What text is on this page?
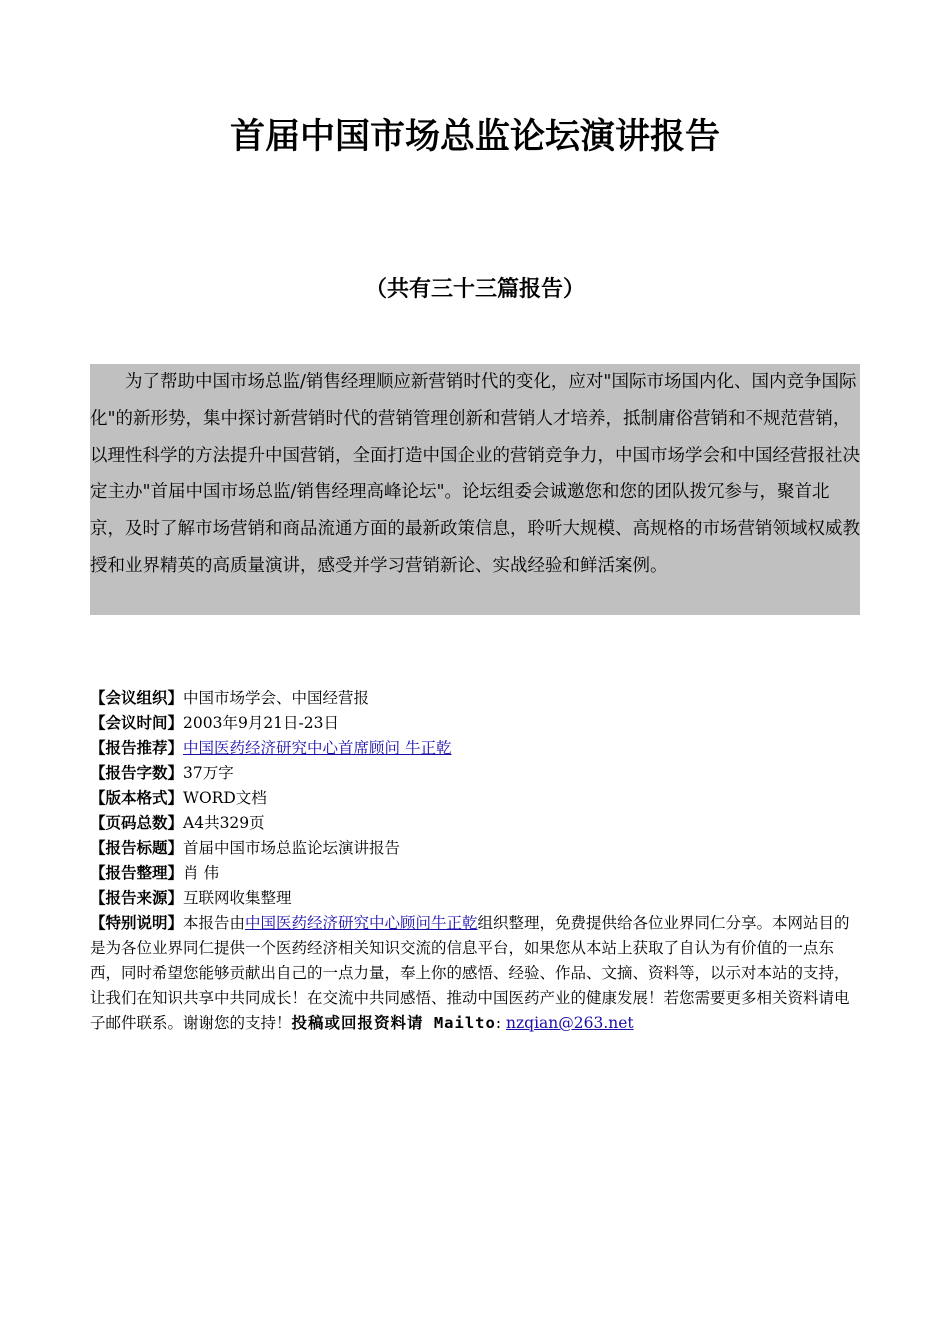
首届中国市场总监论坛演讲报告
（共有三十三篇报告）

为了帮助中国市场总监/销售经理顺应新营销时代的变化，应对"国际市场国内化、国内竞争国际化"的新形势，集中探讨新营销时代的营销管理创新和营销人才培养，抵制庸俗营销和不规范营销，以理性科学的方法提升中国营销，全面打造中国企业的营销竞争力，中国市场学会和中国经营报社决定主办"首届中国市场总监/销售经理高峰论坛"。论坛组委会诚邀您和您的团队拨冗参与，聚首北京，及时了解市场营销和商品流通方面的最新政策信息，聆听大规模、高规格的市场营销领域权威教授和业界精英的高质量演讲，感受并学习营销新论、实战经验和鲜活案例。

【会议组织】中国市场学会、中国经营报
【会议时间】2003年9月21日-23日
【报告推荐】中国医药经济研究中心首席顾问 牛正乾
【报告字数】37万字
【版本格式】WORD文档
【页码总数】A4共329页
【报告标题】首届中国市场总监论坛演讲报告
【报告整理】肖 伟
【报告来源】互联网收集整理
【特别说明】本报告由中国医药经济研究中心顾问牛正乾组织整理，免费提供给各位业界同仁分享。本网站目的是为各位业界同仁提供一个医药经济相关知识交流的信息平台，如果您从本站上获取了自认为有价值的一点东西，同时希望您能够贡献出自己的一点力量，奉上你的感悟、经验、作品、文摘、资料等，以示对本站的支持，让我们在知识共享中共同成长！在交流中共同感悟、推动中国医药产业的健康发展！若您需要更多相关资料请电子邮件联系。谢谢您的支持！投稿或回报资料请 Mailto: nzqian@263.net
